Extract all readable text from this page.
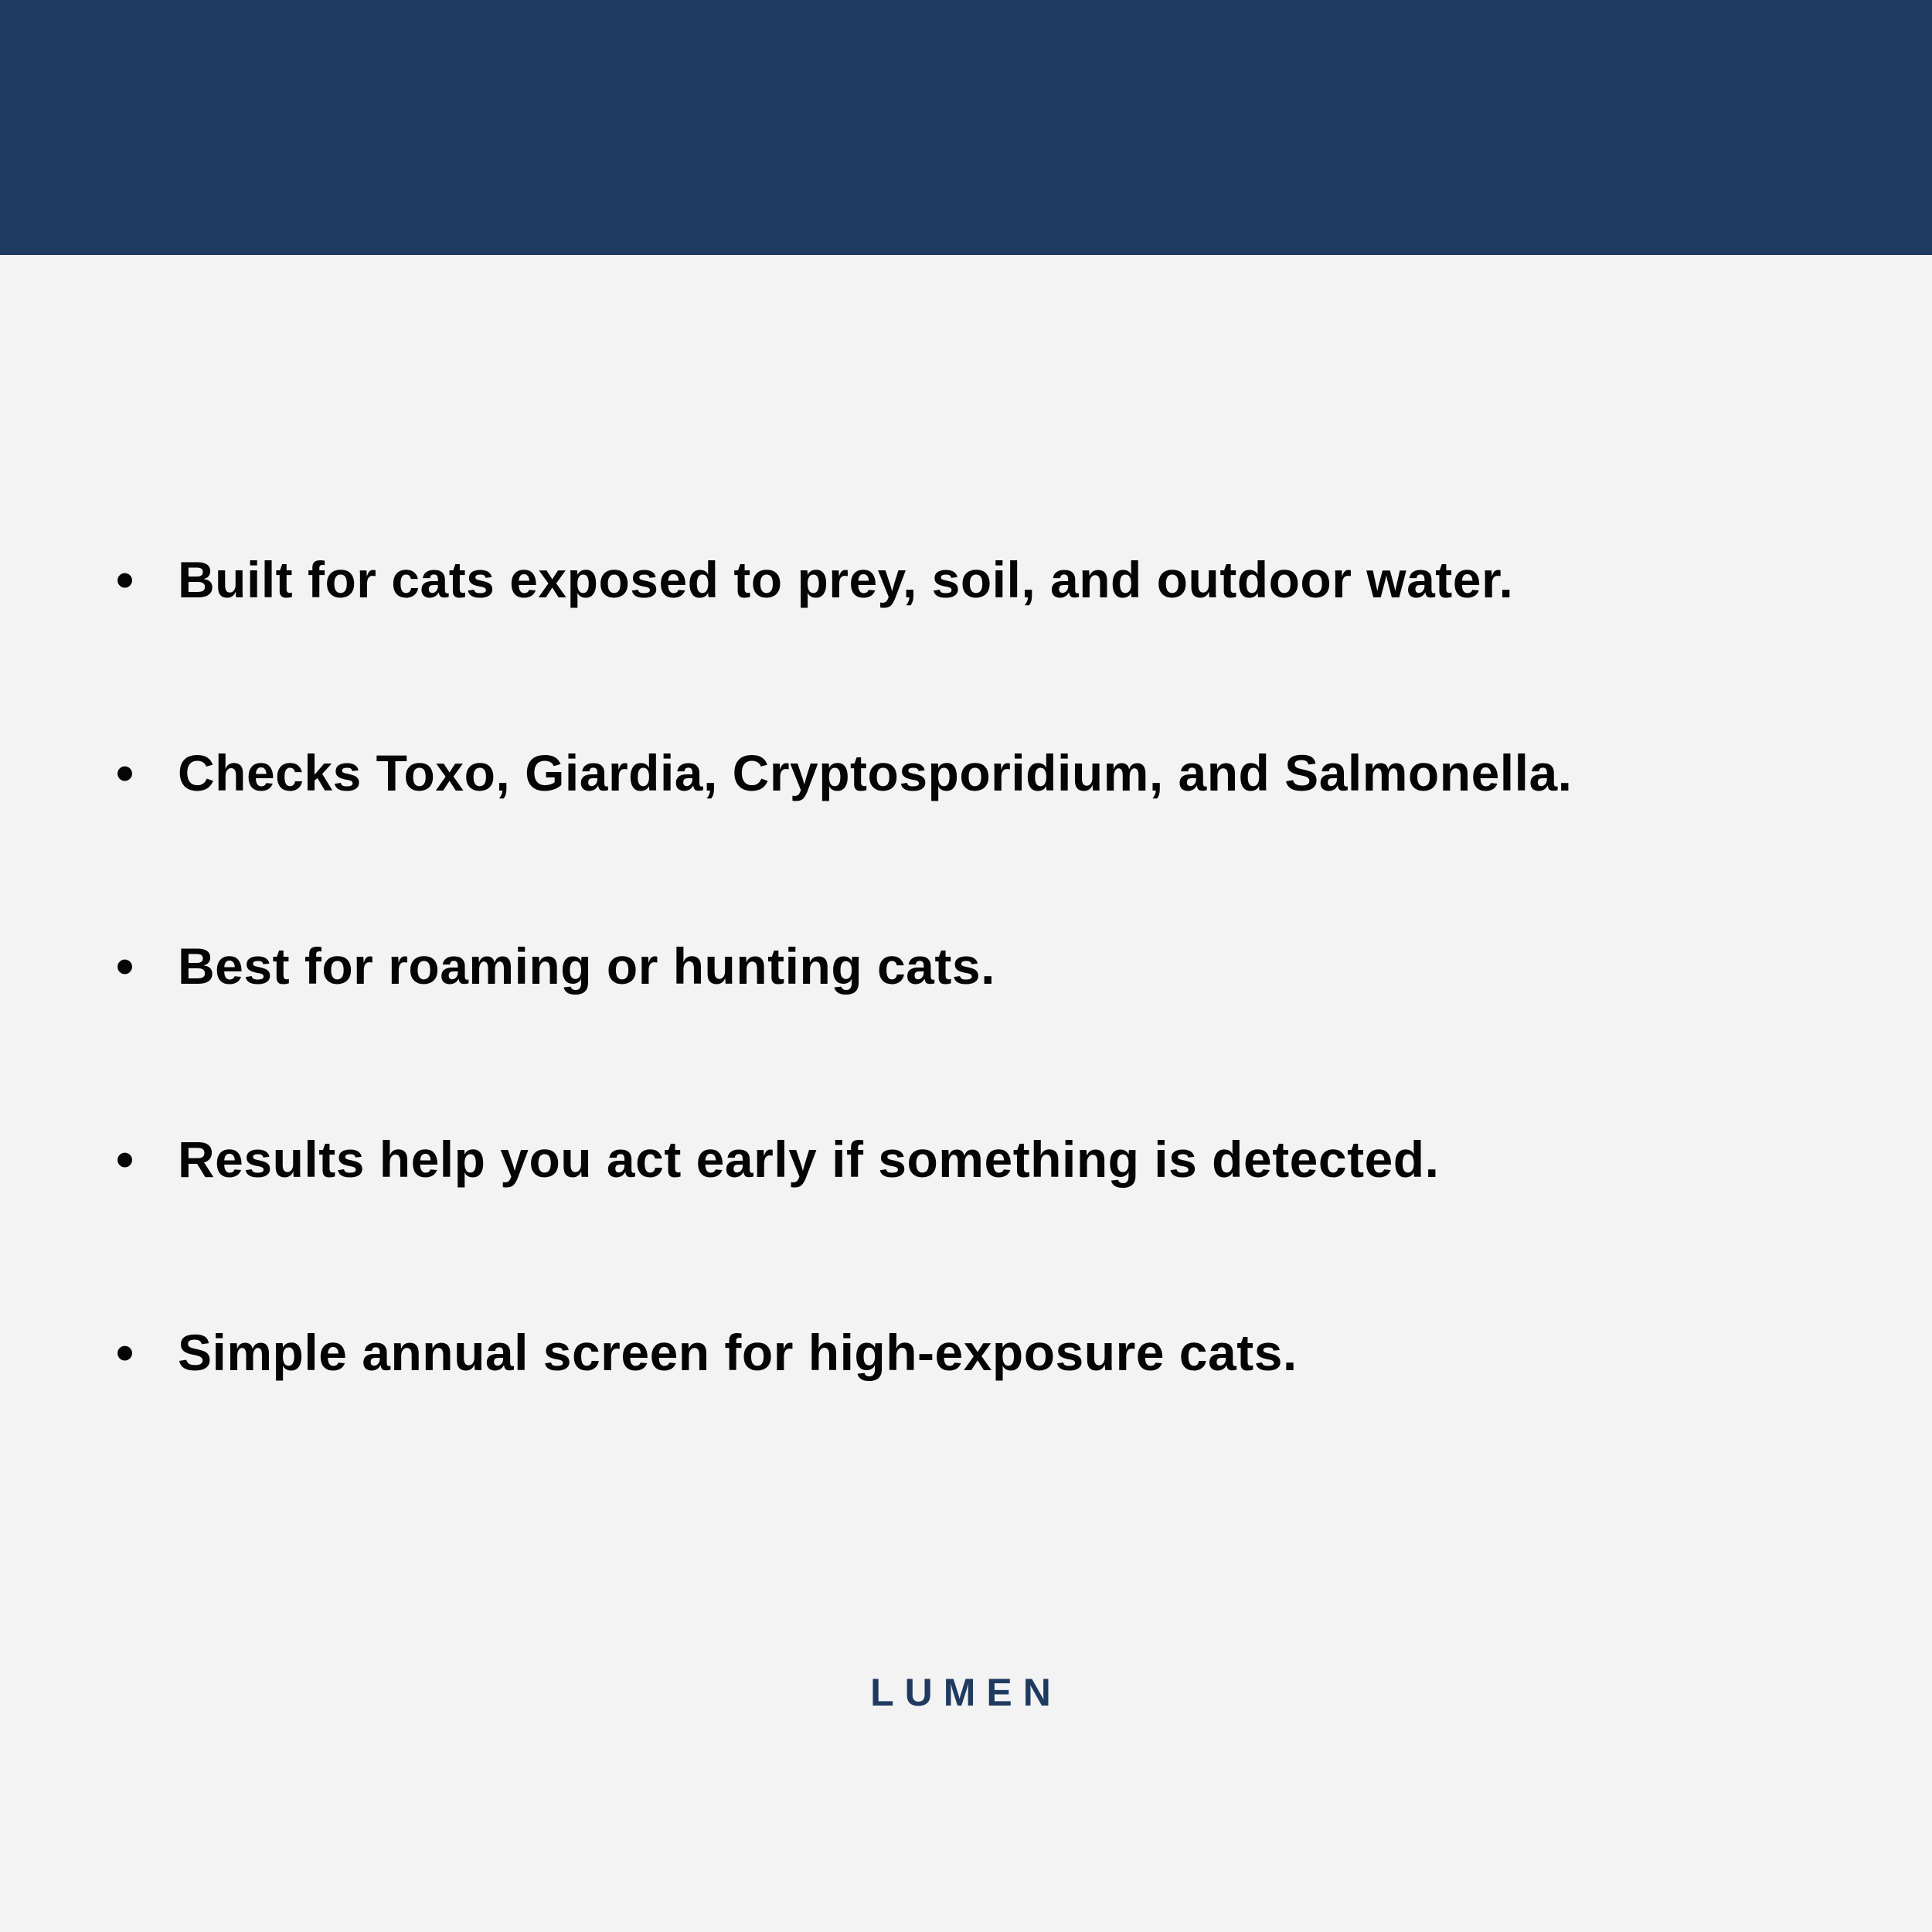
• Built for cats exposed to prey, soil, and outdoor water.
• Checks Toxo, Giardia, Cryptosporidium, and Salmonella.
• Best for roaming or hunting cats.
• Results help you act early if something is detected.
• Simple annual screen for high-exposure cats.
LUMEN
